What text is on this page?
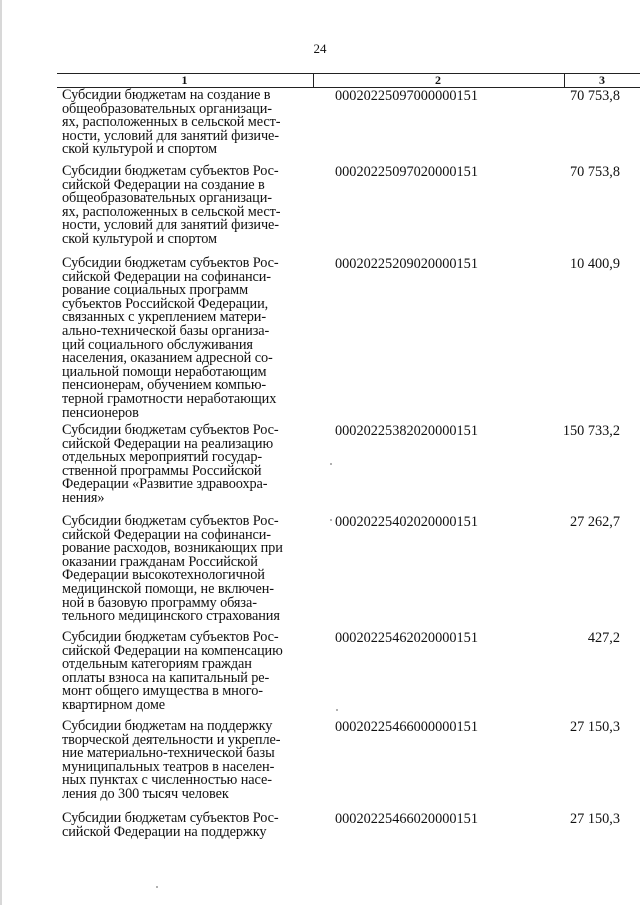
24
1	2	3
Субсидии бюджетам на создание в
общеобразовательных организаци-
ях, расположенных в сельской мест-
ности, условий для занятий физиче-
ской культурой и спортом
00020225097000000151	70 753,8
Субсидии бюджетам субъектов Рос-
сийской Федерации на создание в
общеобразовательных организаци-
ях, расположенных в сельской мест-
ности, условий для занятий физиче-
ской культурой и спортом
00020225097020000151	70 753,8
Субсидии бюджетам субъектов Рос-
сийской Федерации на софинанси-
рование социальных программ
субъектов Российской Федерации,
связанных с укреплением матери-
ально-технической базы организа-
ций социального обслуживания
населения, оказанием адресной со-
циальной помощи неработающим
пенсионерам, обучением компью-
терной грамотности неработающих
пенсионеров
00020225209020000151	10 400,9
Субсидии бюджетам субъектов Рос-
сийской Федерации на реализацию
отдельных мероприятий государ-
ственной программы Российской
Федерации «Развитие здравоохра-
нения»
00020225382020000151	150 733,2
Субсидии бюджетам субъектов Рос-
сийской Федерации на софинанси-
рование расходов, возникающих при
оказании гражданам Российской
Федерации высокотехнологичной
медицинской помощи, не включен-
ной в базовую программу обяза-
тельного медицинского страхования
00020225402020000151	27 262,7
Субсидии бюджетам субъектов Рос-
сийской Федерации на компенсацию
отдельным категориям граждан
оплаты взноса на капитальный ре-
монт общего имущества в много-
квартирном доме
00020225462020000151	427,2
Субсидии бюджетам на поддержку
творческой деятельности и укрепле-
ние материально-технической базы
муниципальных театров в населен-
ных пунктах с численностью насе-
ления до 300 тысяч человек
00020225466000000151	27 150,3
Субсидии бюджетам субъектов Рос-
сийской Федерации на поддержку
00020225466020000151	27 150,3
